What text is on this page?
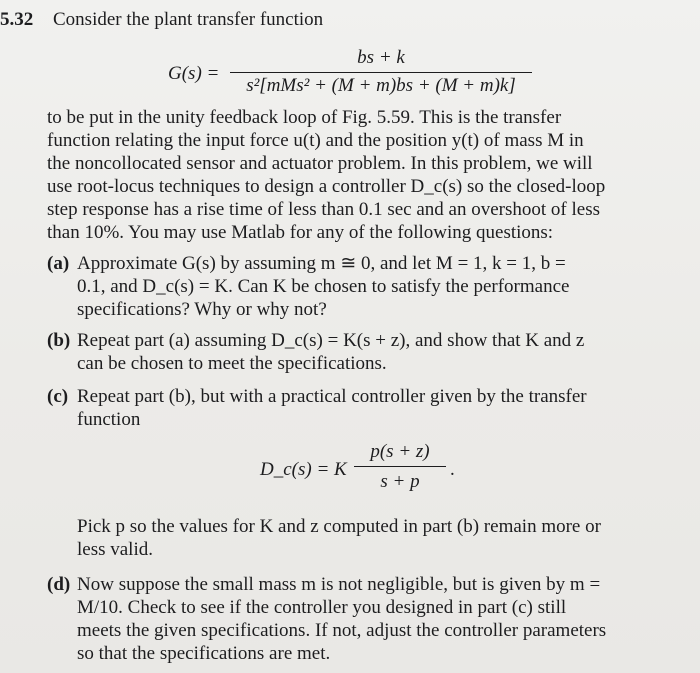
5.32 Consider the plant transfer function
G(s) =
bs + k
s²[mMs² + (M + m)bs + (M + m)k]
to be put in the unity feedback loop of Fig. 5.59. This is the transfer
function relating the input force u(t) and the position y(t) of mass M in
the noncollocated sensor and actuator problem. In this problem, we will
use root-locus techniques to design a controller D_c(s) so the closed-loop
step response has a rise time of less than 0.1 sec and an overshoot of less
than 10%. You may use Matlab for any of the following questions:
(a) Approximate G(s) by assuming m ≅ 0, and let M = 1, k = 1, b =
0.1, and D_c(s) = K. Can K be chosen to satisfy the performance
specifications? Why or why not?
(b) Repeat part (a) assuming D_c(s) = K(s + z), and show that K and z
can be chosen to meet the specifications.
(c) Repeat part (b), but with a practical controller given by the transfer
function
D_c(s) = K
p(s + z)
s + p
.
Pick p so the values for K and z computed in part (b) remain more or
less valid.
(d) Now suppose the small mass m is not negligible, but is given by m =
M/10. Check to see if the controller you designed in part (c) still
meets the given specifications. If not, adjust the controller parameters
so that the specifications are met.
